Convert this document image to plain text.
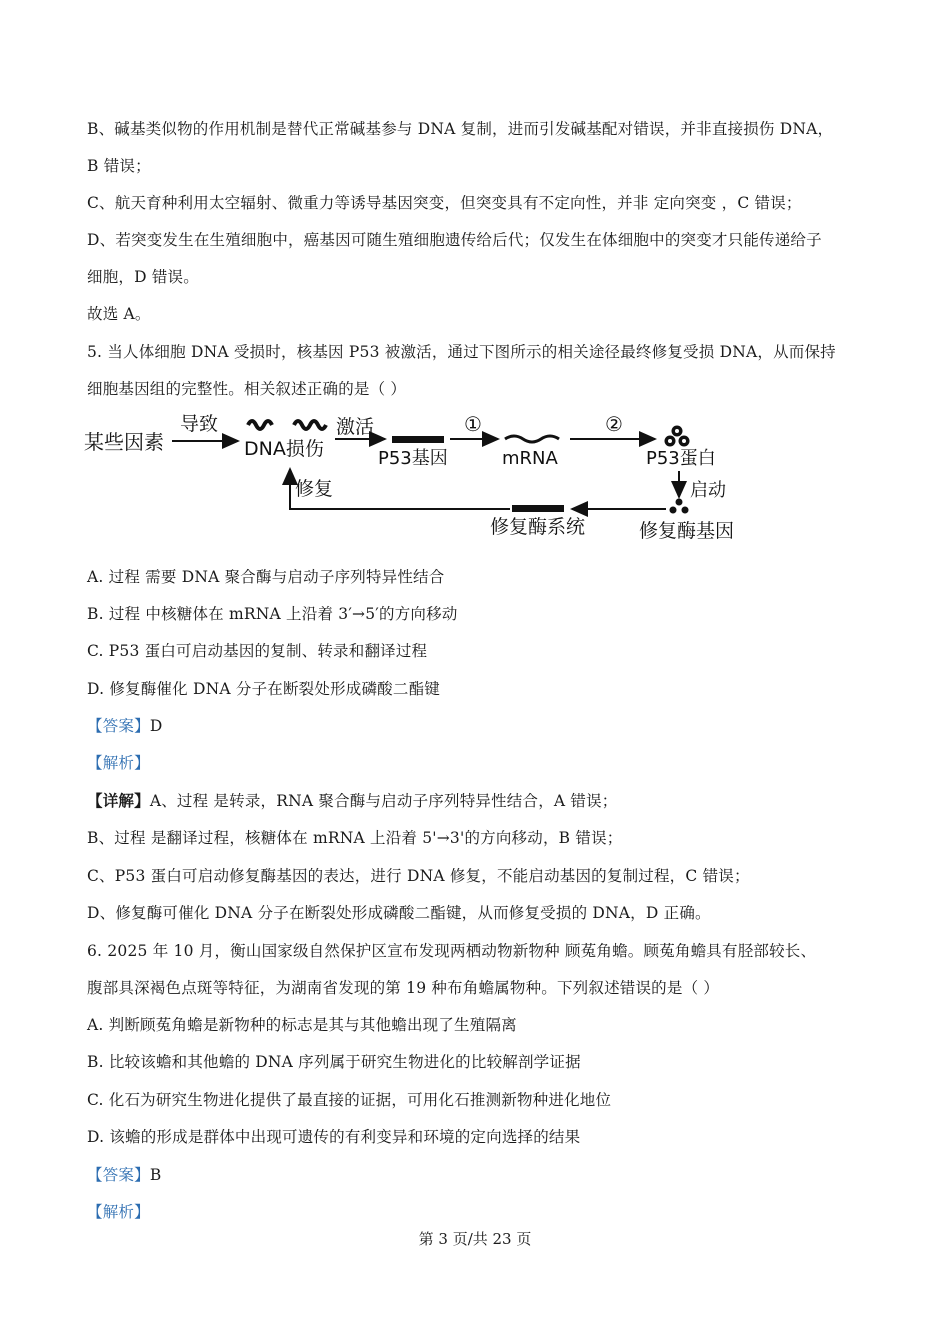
B、碱基类似物的作用机制是替代正常碱基参与 DNA 复制，进而引发碱基配对错误，并非直接损伤 DNA，
B 错误；
C、航天育种利用太空辐射、微重力等诱导基因突变，但突变具有不定向性，并非 定向突变 ，C 错误；
D、若突变发生在生殖细胞中，癌基因可随生殖细胞遗传给后代；仅发生在体细胞中的突变才只能传递给子
细胞，D 错误。
故选 A。
5. 当人体细胞 DNA 受损时，核基因 P53 被激活，通过下图所示的相关途径最终修复受损 DNA，从而保持
细胞基因组的完整性。相关叙述正确的是（ ）
某些因素
导致
DNA损伤
激活
P53基因
①
mRNA
②
P53蛋白
启动
修复酶基因
修复酶系统
修复
A. 过程 需要 DNA 聚合酶与启动子序列特异性结合
B. 过程 中核糖体在 mRNA 上沿着 3′→5′的方向移动
C. P53 蛋白可启动基因的复制、转录和翻译过程
D. 修复酶催化 DNA 分子在断裂处形成磷酸二酯键
【答案】D
【解析】
【详解】A、过程 是转录，RNA 聚合酶与启动子序列特异性结合，A 错误；
B、过程 是翻译过程，核糖体在 mRNA 上沿着 5'→3'的方向移动，B 错误；
C、P53 蛋白可启动修复酶基因的表达，进行 DNA 修复，不能启动基因的复制过程，C 错误；
D、修复酶可催化 DNA 分子在断裂处形成磷酸二酯键，从而修复受损的 DNA，D 正确。
6. 2025 年 10 月，衡山国家级自然保护区宣布发现两栖动物新物种 顾菟角蟾。顾菟角蟾具有胫部较长、
腹部具深褐色点斑等特征，为湖南省发现的第 19 种布角蟾属物种。下列叙述错误的是（ ）
A. 判断顾菟角蟾是新物种的标志是其与其他蟾出现了生殖隔离
B. 比较该蟾和其他蟾的 DNA 序列属于研究生物进化的比较解剖学证据
C. 化石为研究生物进化提供了最直接的证据，可用化石推测新物种进化地位
D. 该蟾的形成是群体中出现可遗传的有利变异和环境的定向选择的结果
【答案】B
【解析】
第 3 页/共 23 页
